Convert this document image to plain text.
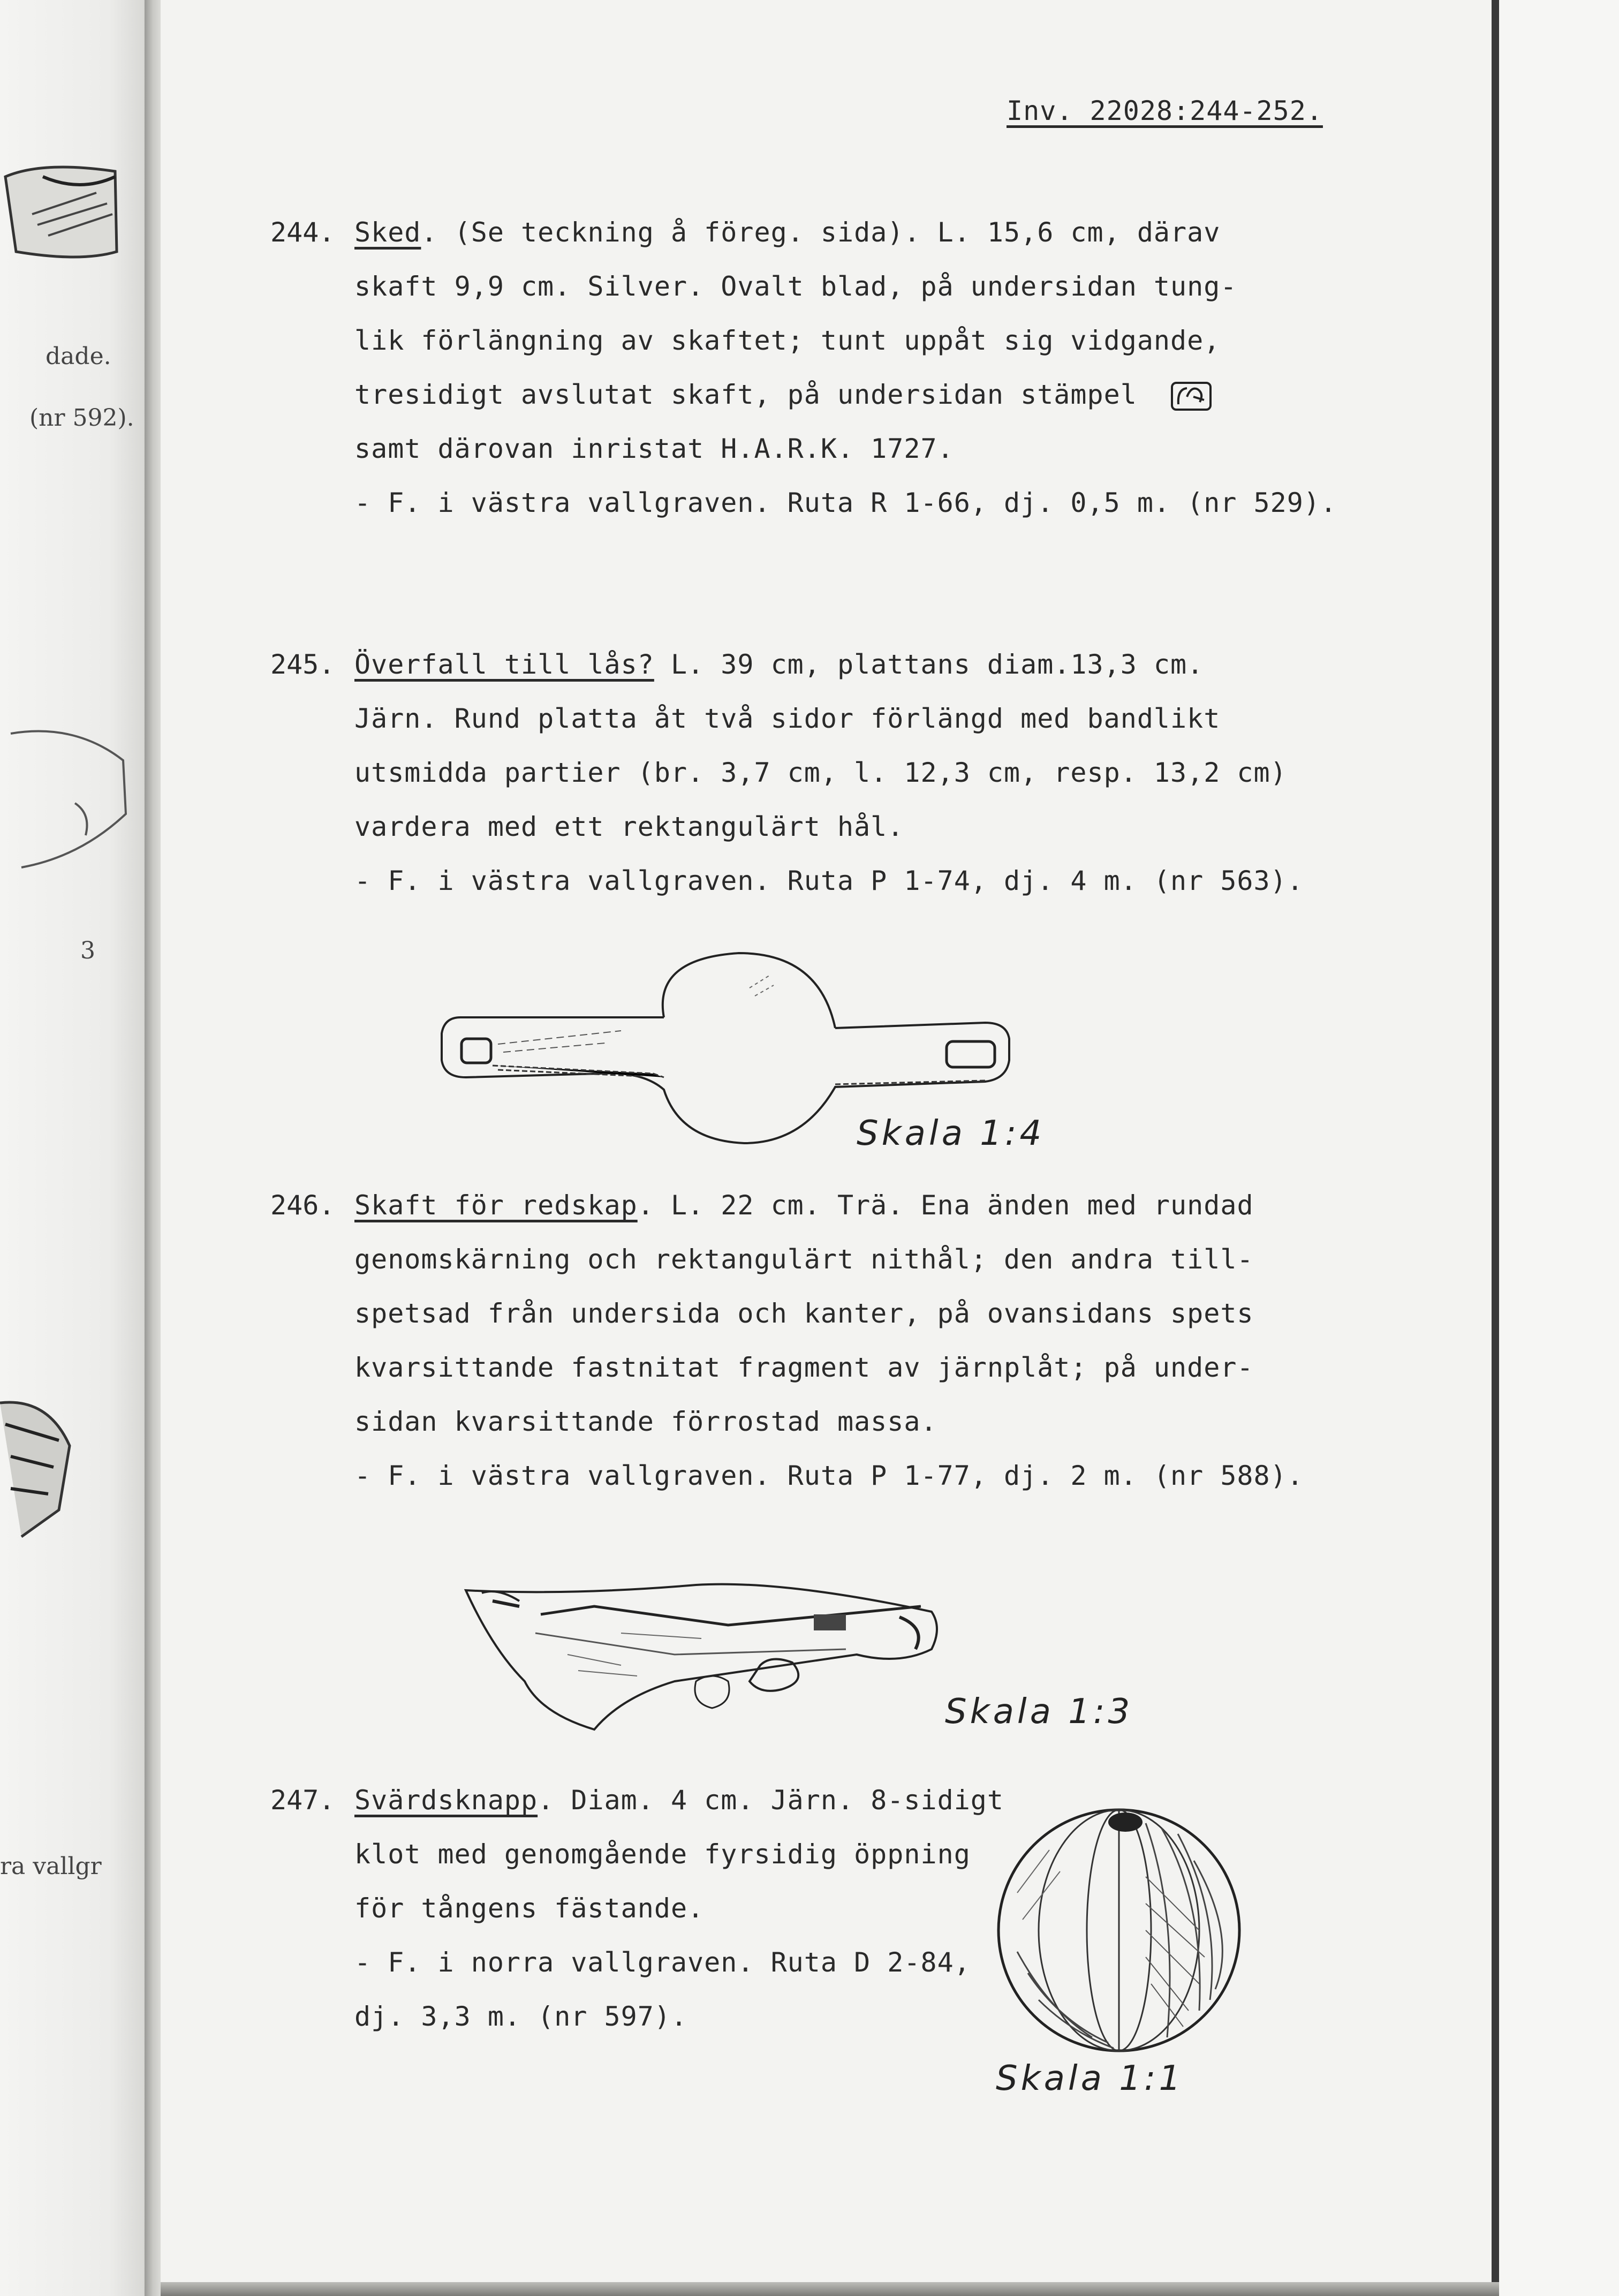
dade.
(nr 592).
3
ra vallgr
Inv. 22028:244-252.
244. Sked. (Se teckning å föreg. sida). L. 15,6 cm, därav
skaft 9,9 cm. Silver. Ovalt blad, på undersidan tung-
lik förlängning av skaftet; tunt uppåt sig vidgande,
tresidigt avslutat skaft, på undersidan stämpel
samt därovan inristat H.A.R.K. 1727.
- F. i västra vallgraven. Ruta R 1-66, dj. 0,5 m. (nr 529).
245. Överfall till lås? L. 39 cm, plattans diam.13,3 cm.
Järn. Rund platta åt två sidor förlängd med bandlikt
utsmidda partier (br. 3,7 cm, l. 12,3 cm, resp. 13,2 cm)
vardera med ett rektangulärt hål.
- F. i västra vallgraven. Ruta P 1-74, dj. 4 m. (nr 563).
Skala 1:4
246. Skaft för redskap. L. 22 cm. Trä. Ena änden med rundad
genomskärning och rektangulärt nithål; den andra till-
spetsad från undersida och kanter, på ovansidans spets
kvarsittande fastnitat fragment av järnplåt; på under-
sidan kvarsittande förrostad massa.
- F. i västra vallgraven. Ruta P 1-77, dj. 2 m. (nr 588).
Skala 1:3
247. Svärdsknapp. Diam. 4 cm. Järn. 8-sidigt
klot med genomgående fyrsidig öppning
för tångens fästande.
- F. i norra vallgraven. Ruta D 2-84,
dj. 3,3 m. (nr 597).
Skala 1:1
